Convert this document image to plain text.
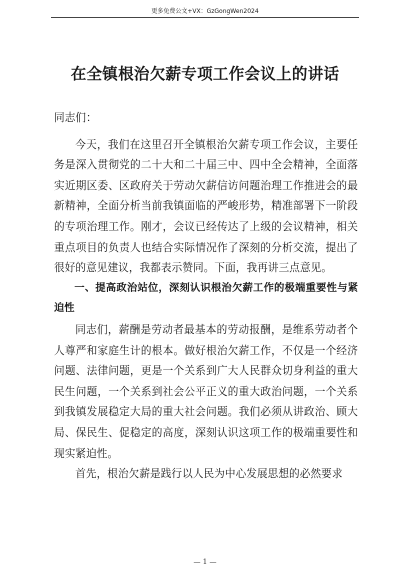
更多免费公文+VX：GzGongWen2024
在全镇根治欠薪专项工作会议上的讲话

同志们：

今天，我们在这里召开全镇根治欠薪专项工作会议，主要任务是深入贯彻党的二十大和二十届三中、四中全会精神，全面落实近期区委、区政府关于劳动欠薪信访问题治理工作推进会的最新精神，全面分析当前我镇面临的严峻形势，精准部署下一阶段的专项治理工作。刚才，会议已经传达了上级的会议精神，相关重点项目的负责人也结合实际情况作了深刻的分析交流，提出了很好的意见建议，我都表示赞同。下面，我再讲三点意见。

一、提高政治站位，深刻认识根治欠薪工作的极端重要性与紧迫性

同志们，薪酬是劳动者最基本的劳动报酬，是维系劳动者个人尊严和家庭生计的根本。做好根治欠薪工作，不仅是一个经济问题、法律问题，更是一个关系到广大人民群众切身利益的重大民生问题，一个关系到社会公平正义的重大政治问题，一个关系到我镇发展稳定大局的重大社会问题。我们必须从讲政治、顾大局、保民生、促稳定的高度，深刻认识这项工作的极端重要性和现实紧迫性。

首先，根治欠薪是践行以人民为中心发展思想的必然要求

— 1 —
